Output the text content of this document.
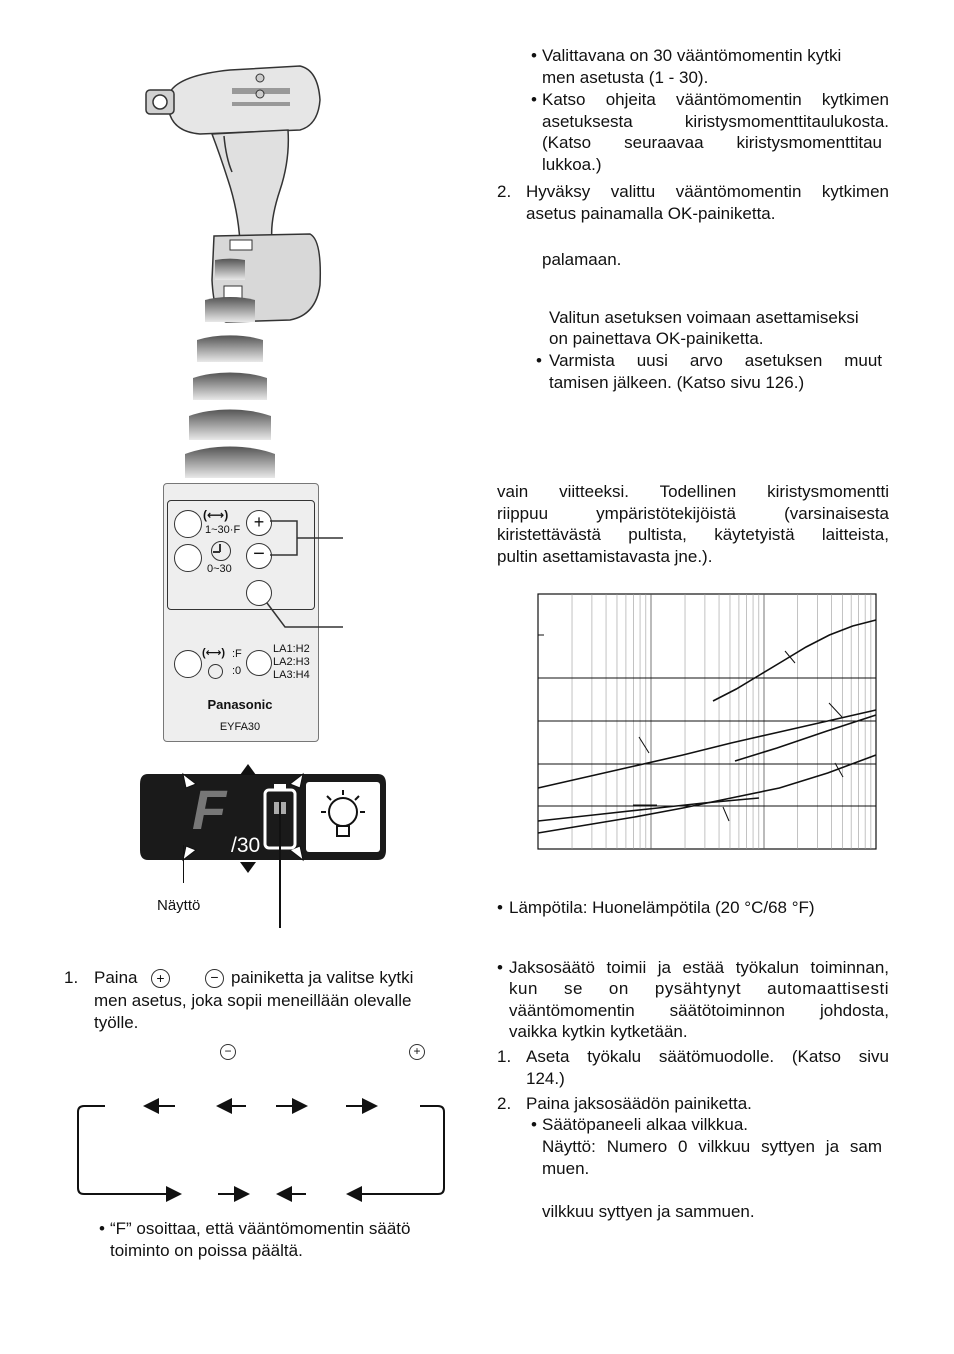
(⟷)
1~30·F
0~30
+
−
(⟷) :F
:0
LA1:H2
LA2:H3
LA3:H4
Panasonic
EYFA30
F
/30
Näyttö
1. Paina	+	− painiketta ja valitse kytki
men asetus, joka sopii meneillään olevalle
työlle.
−	+
• “F” osoittaa, että vääntömomentin säätö
toiminto on poissa päältä.
• Valittavana on 30 vääntömomentin kytki
men asetusta (1 - 30).
• Katso ohjeita vääntömomentin kytkimen
asetuksesta kiristysmomenttitaulukosta.
(Katso seuraavaa kiristysmomenttitau
lukkoa.)
2. Hyväksy valittu vääntömomentin kytkimen
asetus painamalla OK-painiketta.
palamaan.
Valitun asetuksen voimaan asettamiseksi
on painettava OK-painiketta.
• Varmista uusi arvo asetuksen muut
tamisen jälkeen. (Katso sivu 126.)
vain viitteeksi. Todellinen kiristysmomentti
riippuu ympäristötekijöistä (varsinaisesta
kiristettävästä pultista, käytetyistä laitteista,
pultin asettamistavasta jne.).
• Lämpötila: Huonelämpötila (20 °C/68 °F)
• Jaksosäätö toimii ja estää työkalun toiminnan,
kun se on pysähtynyt automaattisesti
vääntömomentin säätötoiminnon johdosta,
vaikka kytkin kytketään.
1. Aseta työkalu säätömuodolle. (Katso sivu
124.)
2. Paina jaksosäädön painiketta.
• Säätöpaneeli alkaa vilkkua.
Näyttö: Numero 0 vilkkuu syttyen ja sam
muen.
vilkkuu syttyen ja sammuen.
